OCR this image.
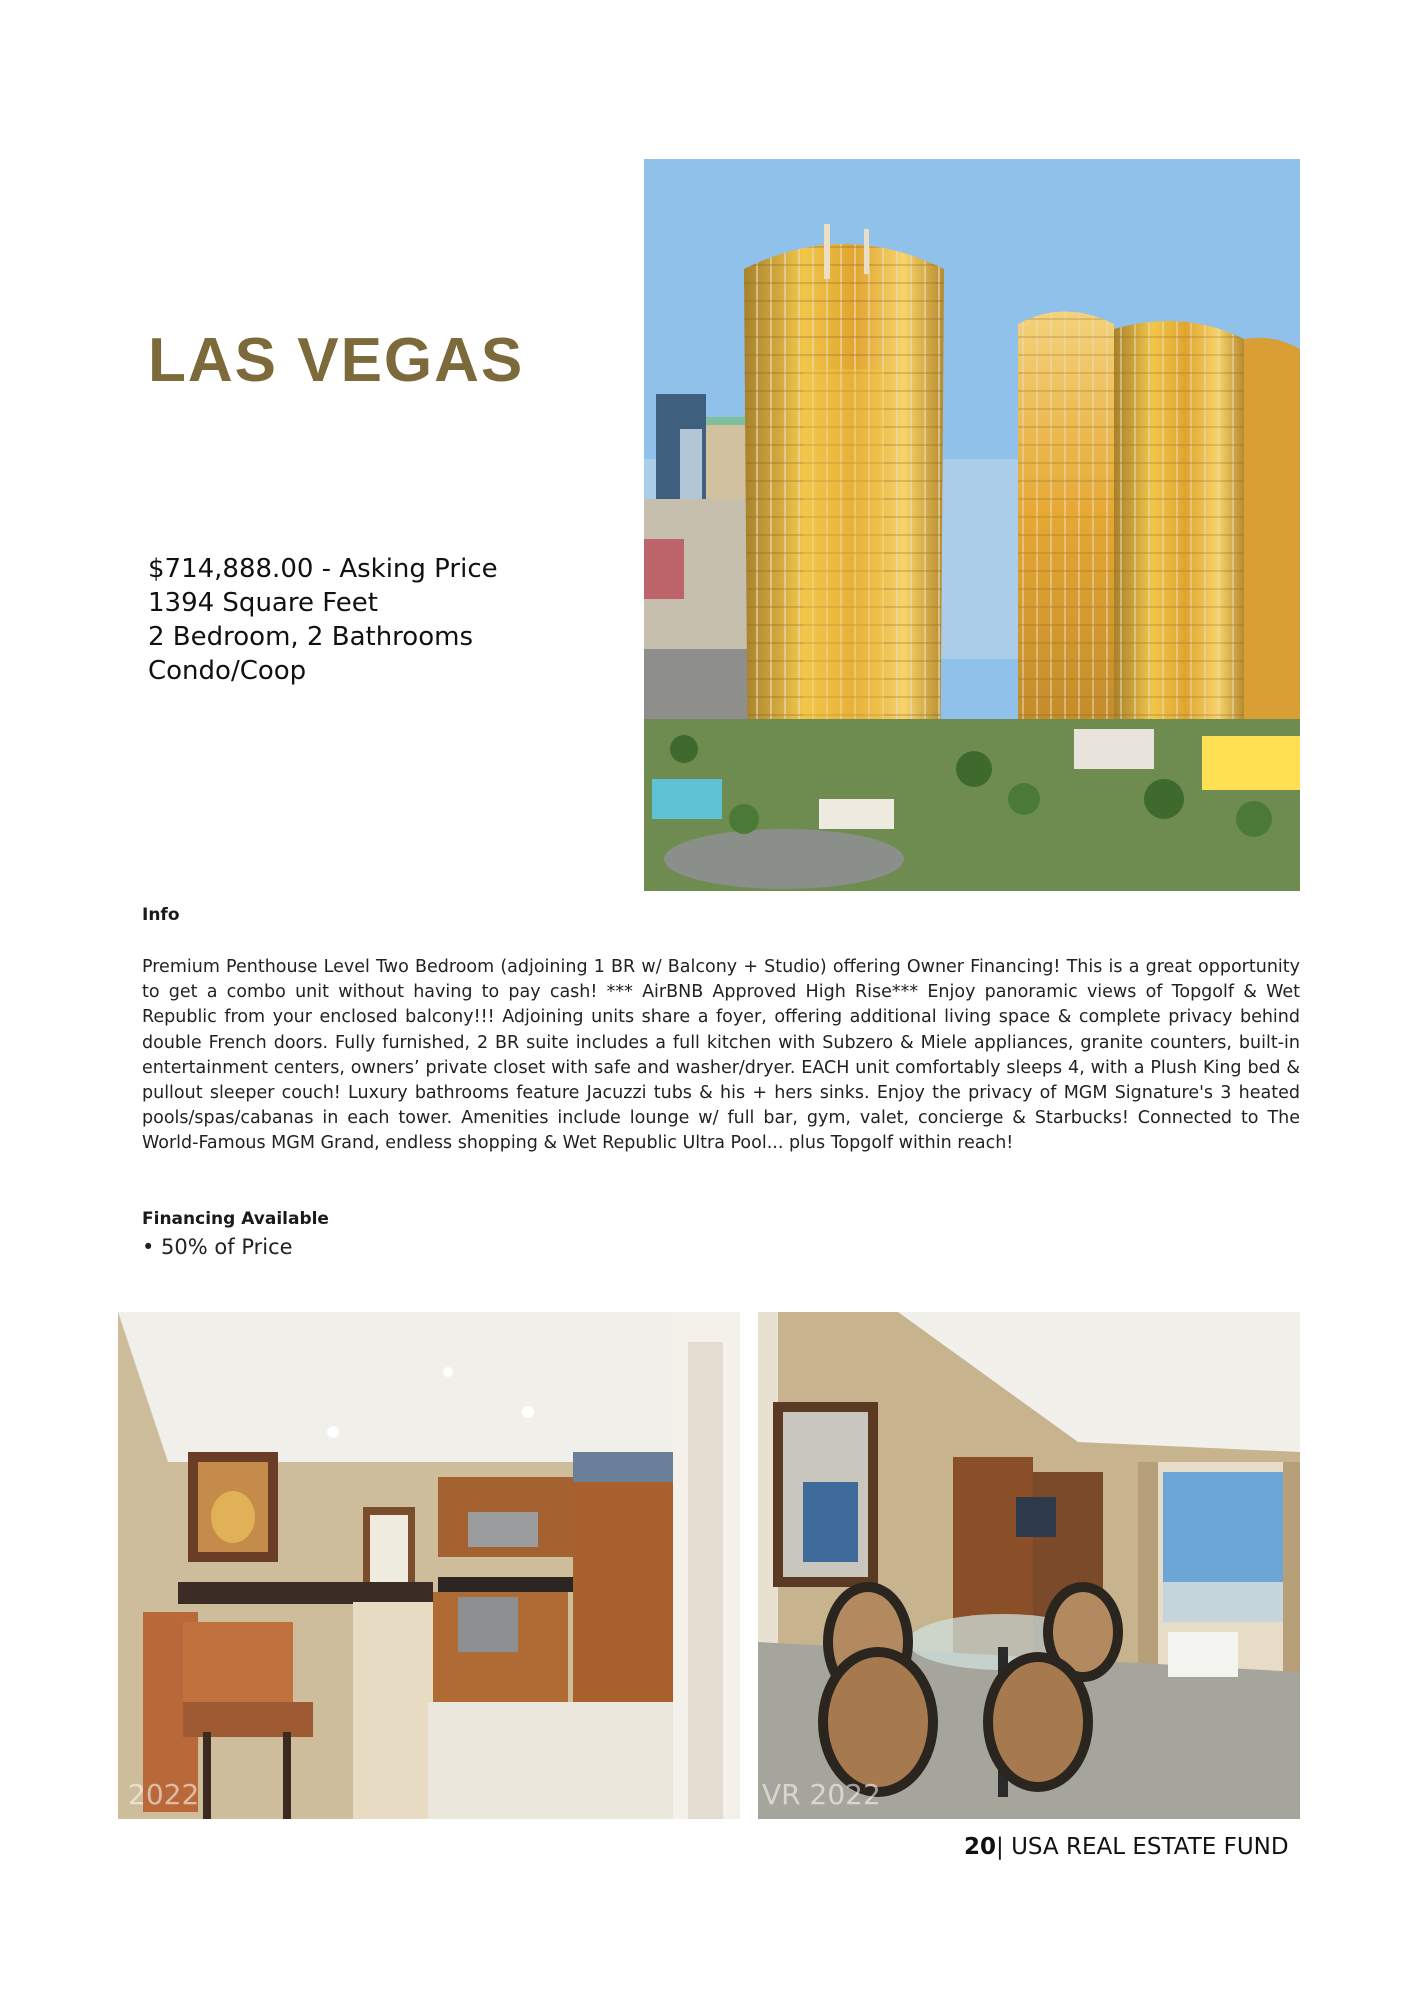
LAS VEGAS
$714,888.00 - Asking Price
1394 Square Feet
2 Bedroom, 2 Bathrooms
Condo/Coop
Info

Premium Penthouse Level Two Bedroom (adjoining 1 BR w/ Balcony + Studio) offering Owner Financing! This is a great opportunity to get a combo unit without having to pay cash! *** AirBNB Approved High Rise*** Enjoy panoramic views of Topgolf & Wet Republic from your enclosed balcony!!! Adjoining units share a foyer, offering additional living space & complete privacy behind double French doors. Fully furnished, 2 BR suite includes a full kitchen with Subzero & Miele appliances, granite counters, built-in entertainment centers, owners’ private closet with safe and washer/dryer. EACH unit comfortably sleeps 4, with a Plush King bed & pullout sleeper couch! Luxury bathrooms feature Jacuzzi tubs & his + hers sinks. Enjoy the privacy of MGM Signature's 3 heated pools/spas/cabanas in each tower. Amenities include lounge w/ full bar, gym, valet, concierge & Starbucks! Connected to The World-Famous MGM Grand, endless shopping & Wet Republic Ultra Pool... plus Topgolf within reach!

Financing Available

• 50% of Price

2022	VR 2022

20| USA REAL ESTATE FUND
